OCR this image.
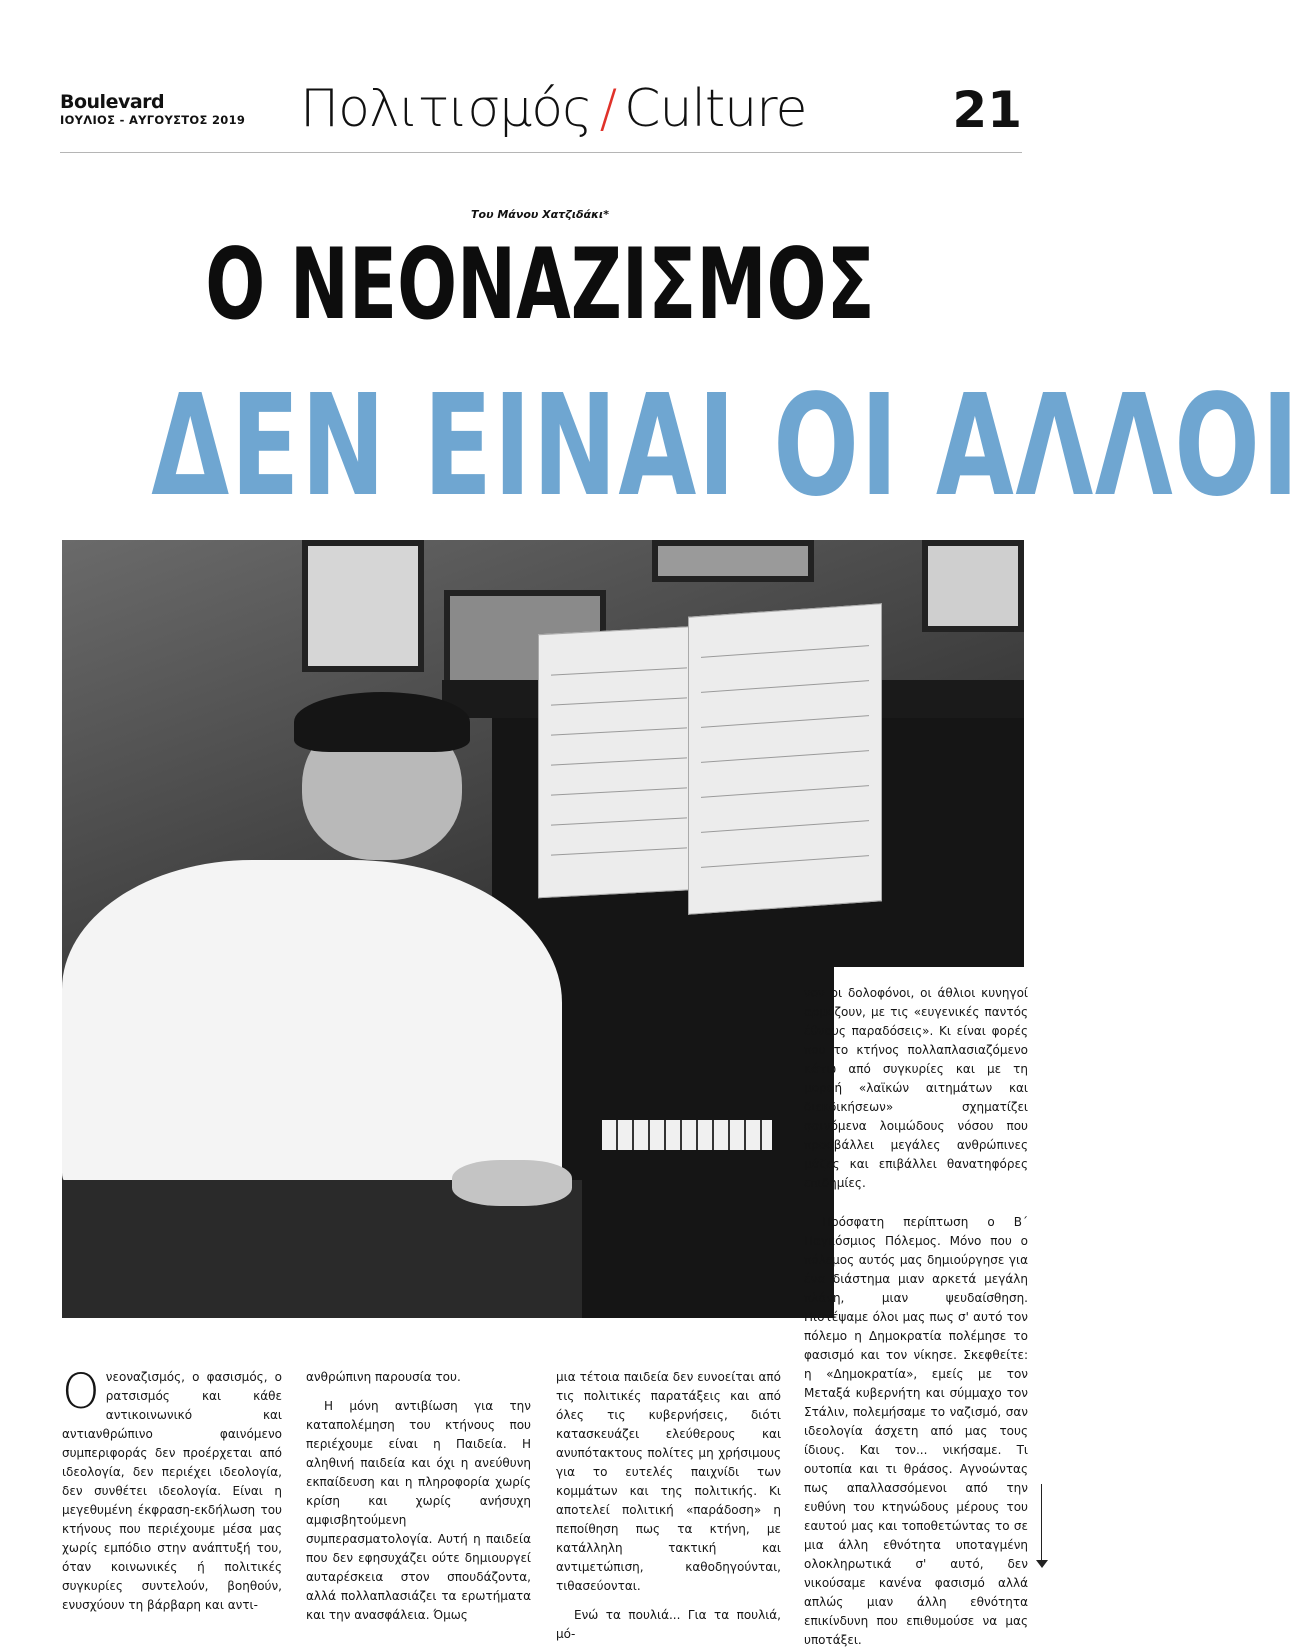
Boulevard
ΙΟΥΛΙΟΣ - ΑΥΓΟΥΣΤΟΣ 2019 Πολιτισμός / Culture	21
Του Μάνου Χατζιδάκι*
Ο ΝΕΟΝΑΖΙΣΜΟΣ
ΔΕΝ ΕΙΝΑΙ ΟΙ ΑΛΛΟΙ

Ονεοναζισμός, ο φασισμός, ο ρατσισμός και κάθε αντικοινωνικό και αντιανθρώπινο φαινόμενο συμπεριφοράς δεν προέρχεται από ιδεολογία, δεν περιέχει ιδεολογία, δεν συνθέτει ιδεολογία. Είναι η μεγεθυμένη έκφραση-εκδήλωση του κτήνους που περιέχουμε μέσα μας χωρίς εμπόδιο στην ανάπτυξή του, όταν κοινωνικές ή πολιτικές συγκυρίες συντελούν, βοηθούν, ενυσχύουν τη βάρβαρη και αντι-

ανθρώπινη παρουσία του.

Η μόνη αντιβίωση για την καταπολέμηση του κτήνους που περιέχουμε είναι η Παιδεία. Η αληθινή παιδεία και όχι η ανεύθυνη εκπαίδευση και η πληροφορία χωρίς κρίση και χωρίς ανήσυχη αμφισβητούμενη συμπερασματολογία. Αυτή η παιδεία που δεν εφησυχάζει ούτε δημιουργεί αυταρέσκεια στον σπουδάζοντα, αλλά πολλαπλασιάζει τα ερωτήματα και την ανασφάλεια. Όμως

μια τέτοια παιδεία δεν ευνοείται από τις πολιτικές παρατάξεις και από όλες τις κυβερνήσεις, διότι κατασκευάζει ελεύθερους και ανυπότακτους πολίτες μη χρήσιμους για το ευτελές παιχνίδι των κομμάτων και της πολιτικής. Κι αποτελεί πολιτική «παράδοση» η πεποίθηση πως τα κτήνη, με κατάλληλη τακτική και αντιμετώπιση, καθοδηγούνται, τιθασεύονται.

Ενώ τα πουλιά... Για τα πουλιά, μό-

νον οι δολοφόνοι, οι άθλιοι κυνηγοί αρμόζουν, με τις «ευγενικές παντός έθνους παραδόσεις». Κι είναι φορές που το κτήνος πολλαπλασιαζόμενο κάτω από συγκυρίες και με τη μορφή «λαϊκών αιτημάτων και διεκδικήσεων» σχηματίζει φαινόμενα λοιμώδους νόσου που προσβάλλει μεγάλες ανθρώπινες μάζες και επιβάλλει θανατηφόρες επιδημίες.

Πρόσφατη περίπτωση ο Β΄ Παγκόσμιος Πόλεμος. Μόνο που ο πόλεμος αυτός μας δημιούργησε για ένα διάστημα μιαν αρκετά μεγάλη πλάνη, μιαν ψευδαίσθηση. Πιστέψαμε όλοι μας πως σ' αυτό τον πόλεμο η Δημοκρατία πολέμησε το φασισμό και τον νίκησε. Σκεφθείτε: η «Δημοκρατία», εμείς με τον Μεταξά κυβερνήτη και σύμμαχο τον Στάλιν, πολεμήσαμε το ναζισμό, σαν ιδεολογία άσχετη από μας τους ίδιους. Και τον... νικήσαμε. Τι ουτοπία και τι θράσος. Αγνοώντας πως απαλλασσόμενοι από την ευθύνη του κτηνώδους μέρους του εαυτού μας και τοποθετώντας το σε μια άλλη εθνότητα υποταγμένη ολοκληρωτικά σ' αυτό, δεν νικούσαμε κανένα φασισμό αλλά απλώς μιαν άλλη εθνότητα επικίνδυνη που επιθυμούσε να μας υποτάξει.
